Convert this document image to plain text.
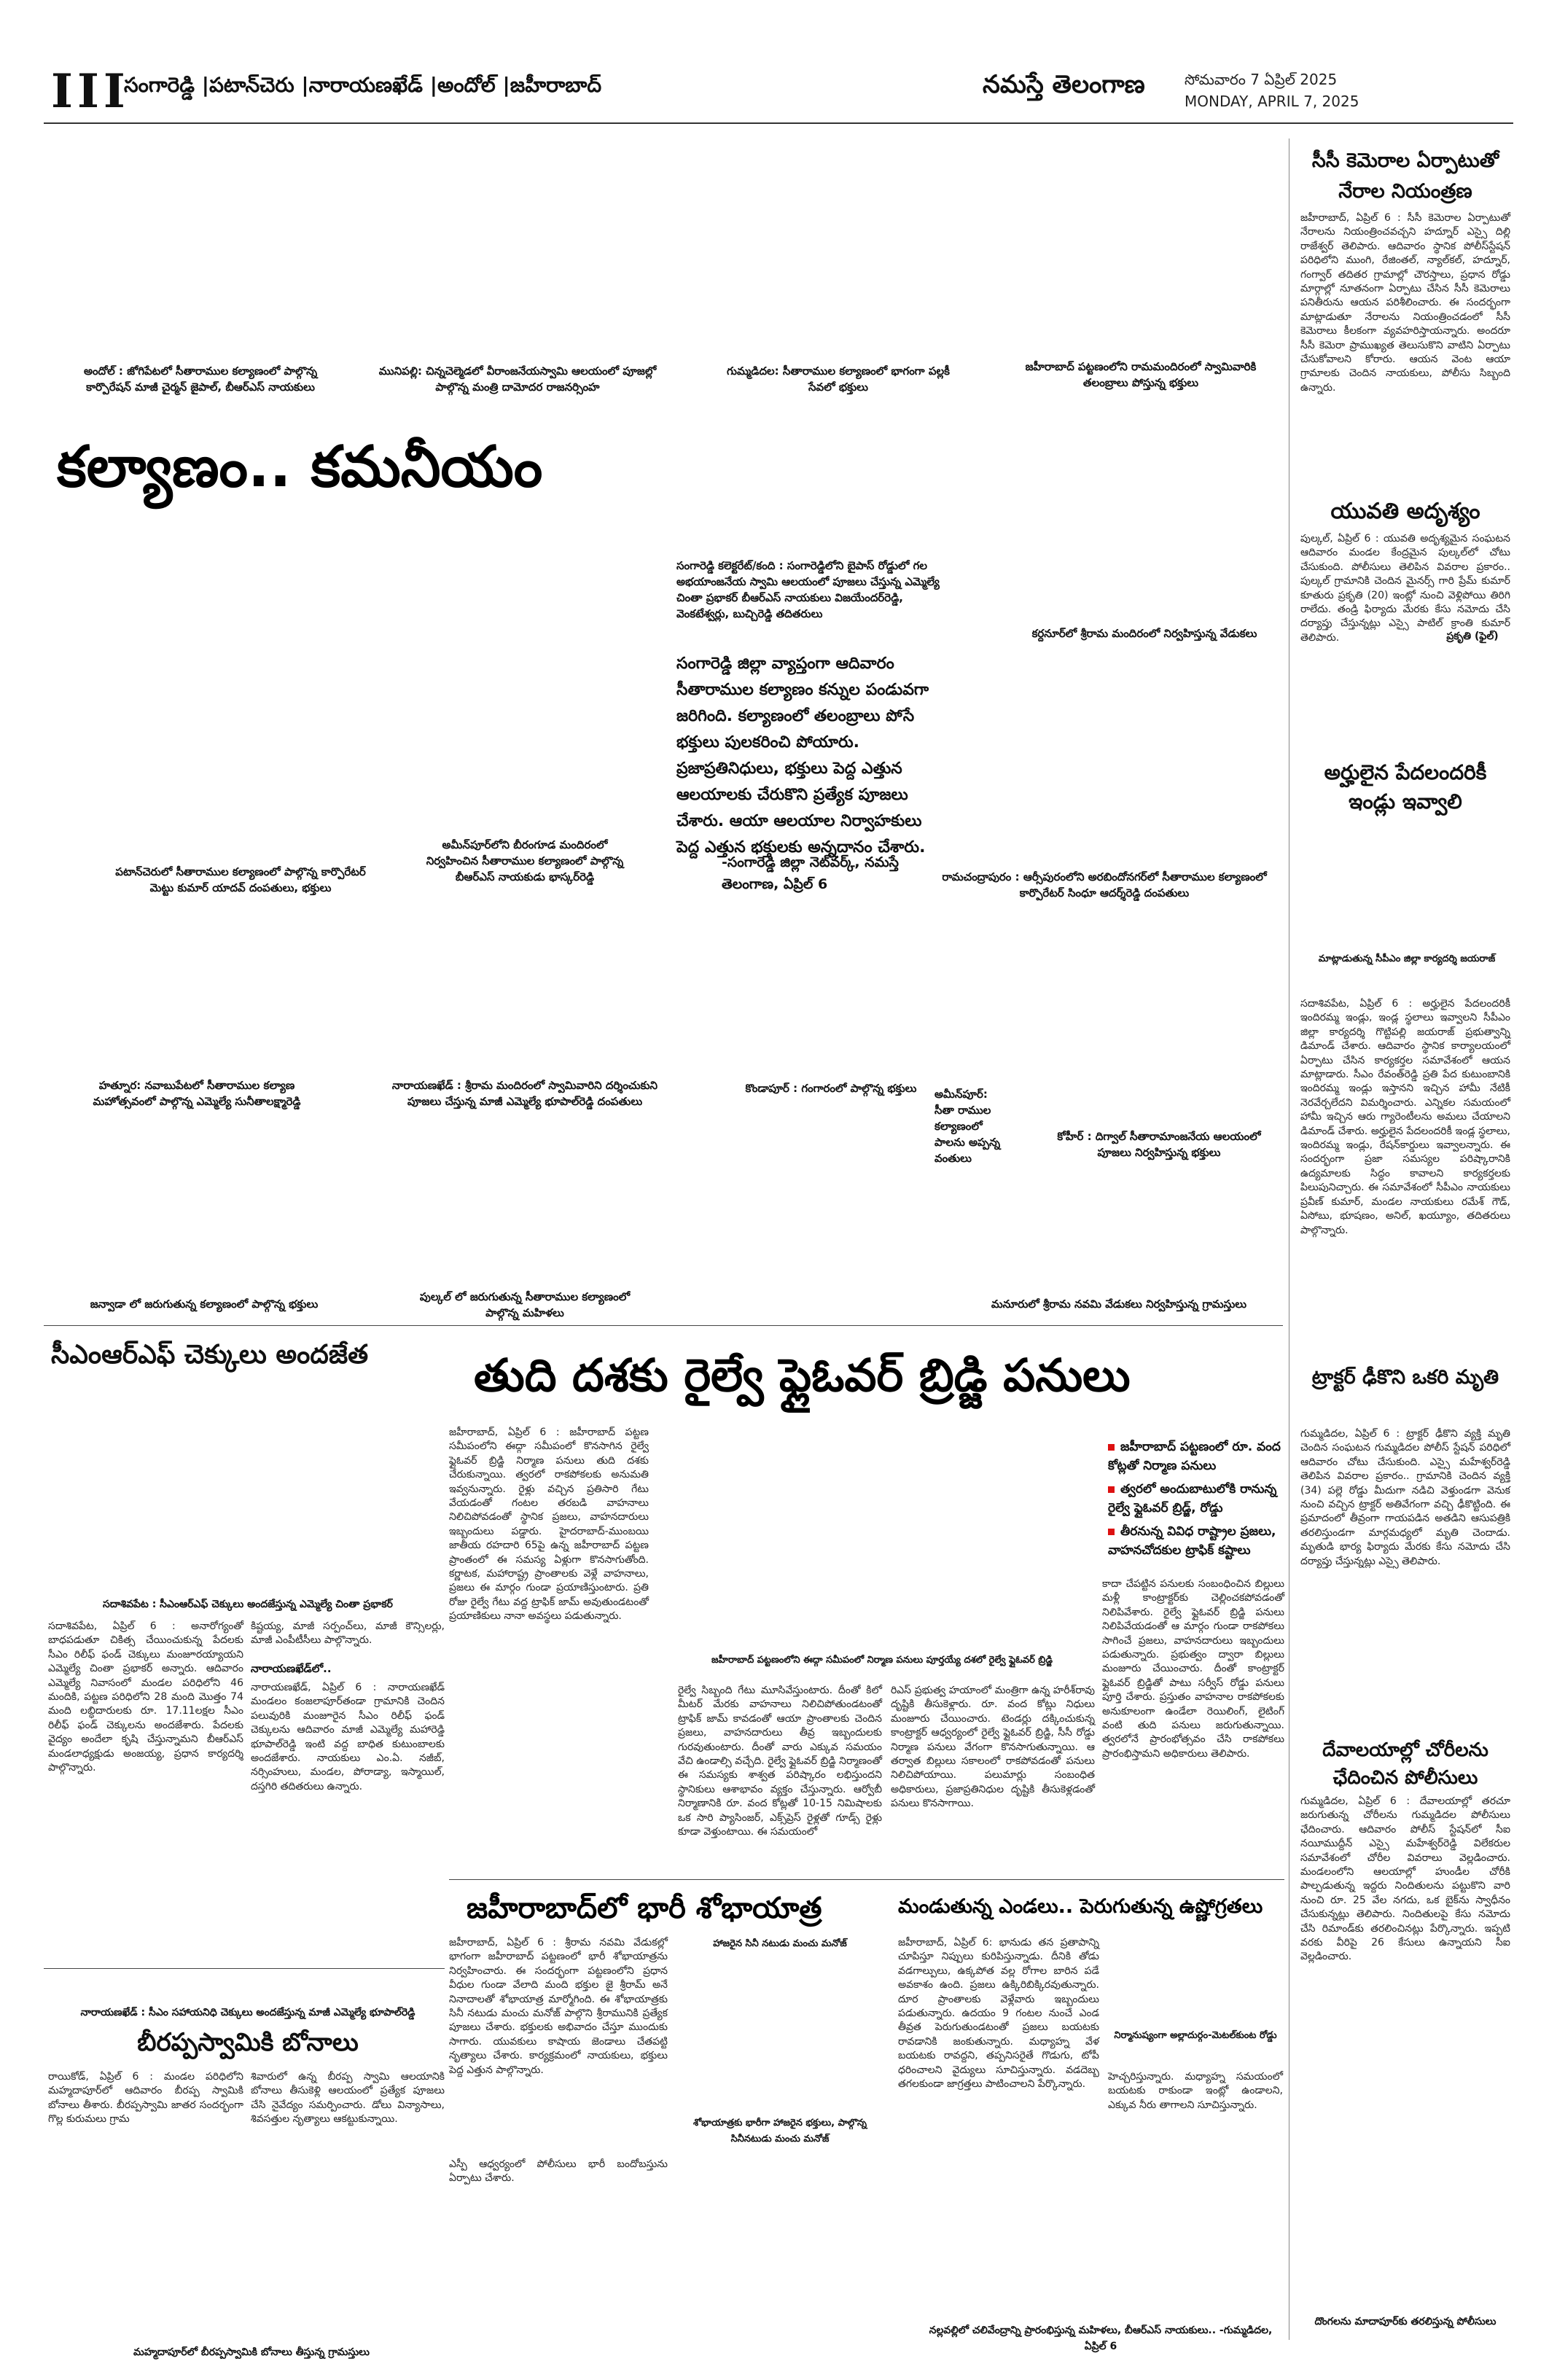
III
సంగారెడ్డి |పటాన్‌చెరు |నారాయణఖేడ్ |అందోల్ |జహీరాబాద్	నమస్తే తెలంగాణ	సోమవారం 7 ఏప్రిల్ 2025
MONDAY, APRIL 7, 2025
అందోల్ : జోగిపేటలో సీతారాముల కల్యాణంలో పాల్గొన్న కార్పొరేషన్ మాజీ చైర్మన్ జైపాల్, బీఆర్ఎస్ నాయకులు
మునిపల్లి: చిన్నచెల్మెడలో వీరాంజనేయస్వామి ఆలయంలో పూజల్లో పాల్గొన్న మంత్రి దామోదర రాజనర్సింహ
గుమ్మడిదల: సీతారాముల కల్యాణంలో భాగంగా పల్లకీ సేవలో భక్తులు
జహీరాబాద్ పట్టణంలోని రామమందిరంలో స్వామివారికి తలంబ్రాలు పోస్తున్న భక్తులు
కల్యాణం.. కమనీయం
సంగారెడ్డి కలెక్టరేట్/కంది : సంగారెడ్డిలోని బైపాస్ రోడ్డులో గల అభయాంజనేయ స్వామి ఆలయంలో పూజలు చేస్తున్న ఎమ్మెల్యే చింతా ప్రభాకర్ బీఆర్ఎస్ నాయకులు విజయేందర్‌రెడ్డి, వెంకటేశ్వర్లు, బుచ్చిరెడ్డి తదితరులు
కర్దనూర్‌లో శ్రీరామ మందిరంలో నిర్వహిస్తున్న వేడుకలు
సంగారెడ్డి జిల్లా వ్యాప్తంగా ఆదివారం సీతారాముల కల్యాణం కన్నుల పండువగా జరిగింది. కల్యాణంలో తలంబ్రాలు పోసే భక్తులు పులకరించి పోయారు. ప్రజాప్రతినిధులు, భక్తులు పెద్ద ఎత్తున ఆలయాలకు చేరుకొని ప్రత్యేక పూజలు చేశారు. ఆయా ఆలయాల నిర్వాహకులు పెద్ద ఎత్తున భక్తులకు అన్నదానం చేశారు.
-సంగారెడ్డి జిల్లా నెట్‌వర్క్, నమస్తే తెలంగాణ, ఏప్రిల్ 6
పటాన్‌చెరులో సీతారాముల కల్యాణంలో పాల్గొన్న కార్పొరేటర్ మెట్టు కుమార్ యాదవ్ దంపతులు, భక్తులు
అమీన్‌పూర్‌లోని బీరంగూడ మందిరంలో నిర్వహించిన సీతారాముల కల్యాణంలో పాల్గొన్న బీఆర్ఎస్ నాయకుడు భాస్కర్‌రెడ్డి	రామచంద్రాపురం : ఆర్సీపురంలోని అరబిందోనగర్‌లో సీతారాముల కల్యాణంలో కార్పొరేటర్ సింధూ ఆదర్శ్‌రెడ్డి దంపతులు
హత్నూర: నవాబుపేటలో సీతారాముల కల్యాణ మహోత్సవంలో పాల్గొన్న ఎమ్మెల్యే సునీతాలక్ష్మారెడ్డి
నారాయణఖేడ్ : శ్రీరామ మందిరంలో స్వామివారిని దర్శించుకుని పూజలు చేస్తున్న మాజీ ఎమ్మెల్యే భూపాల్‌రెడ్డి దంపతులు
కొండాపూర్ : గంగారంలో పాల్గొన్న భక్తులు	అమీన్‌పూర్: సీతా రాముల కల్యాణంలో పాలను అప్పన్న వంతులు
కోహీర్ : దిగ్వాల్ సీతారామాంజనేయ ఆలయంలో పూజలు నిర్వహిస్తున్న భక్తులు
జన్వాడా లో జరుగుతున్న కల్యాణంలో పాల్గొన్న భక్తులు
పుల్కల్ లో జరుగుతున్న సీతారాముల కల్యాణంలో పాల్గొన్న మహిళలు
మనూరులో శ్రీరామ నవమి వేడుకలు నిర్వహిస్తున్న గ్రామస్తులు
సీసీ కెమెరాల ఏర్పాటుతో నేరాల నియంత్రణ
జహీరాబాద్, ఏప్రిల్ 6 : సీసీ కెమెరాల ఏర్పాటుతో నేరాలను నియంత్రించవచ్చని హద్నూర్ ఎస్సై దిల్లి రాజేశ్వర్ తెలిపారు. ఆదివారం స్థానిక పోలీస్‌స్టేషన్ పరిధిలోని ముంగి, రేజింతల్, న్యాల్‌కల్, హద్నూర్, గంగ్వార్ తదితర గ్రామాల్లో చౌరస్తాలు, ప్రధాన రోడ్డు మార్గాల్లో నూతనంగా ఏర్పాటు చేసిన సీసీ కెమెరాలు పనితీరును ఆయన పరిశీలించారు. ఈ సందర్భంగా మాట్లాడుతూ నేరాలను నియంత్రించడంలో సీసీ కెమెరాలు కీలకంగా వ్యవహరిస్తాయన్నారు. అందరూ సీసీ కెమెరా ప్రాముఖ్యత తెలుసుకొని వాటిని ఏర్పాటు చేసుకోవాలని కోరారు. ఆయన వెంట ఆయా గ్రామాలకు చెందిన నాయకులు, పోలీసు సిబ్బంది ఉన్నారు.
యువతి అదృశ్యం
పుల్కల్, ఏప్రిల్ 6 : యువతి అదృశ్యమైన సంఘటన ఆదివారం మండల కేంద్రమైన పుల్కల్‌లో చోటు చేసుకుంది. పోలీసులు తెలిపిన వివరాల ప్రకారం.. పుల్కల్ గ్రామానికి చెందిన మైనర్స్ గారి ప్రేమ్ కుమార్ కూతురు ప్రకృతి (20) ఇంట్లో నుంచి వెళ్లిపోయి తిరిగి రాలేదు. తండ్రి ఫిర్యాదు మేరకు కేసు నమోదు చేసి దర్యాప్తు చేస్తున్నట్లు ఎస్సై పాటిల్ క్రాంతి కుమార్ తెలిపారు.	ప్రకృతి (ఫైల్)
అర్హులైన పేదలందరికీ ఇండ్లు ఇవ్వాలి
మాట్లాడుతున్న సీపీఎం జిల్లా కార్యదర్శి జయరాజ్
సదాశివపేట, ఏప్రిల్ 6 : అర్హులైన పేదలందరికీ ఇందిరమ్మ ఇండ్లు, ఇండ్ల స్థలాలు ఇవ్వాలని సీపీఎం జిల్లా కార్యదర్శి గొట్టిపల్లి జయరాజ్ ప్రభుత్వాన్ని డిమాండ్ చేశారు. ఆదివారం స్థానిక కార్యాలయంలో ఏర్పాటు చేసిన కార్యకర్తల సమావేశంలో ఆయన మాట్లాడారు. సీఎం రేవంత్‌రెడ్డి ప్రతి పేద కుటుంబానికి ఇందిరమ్మ ఇండ్లు ఇస్తానని ఇచ్చిన హామీ నేటికీ నెరవేర్చలేదని విమర్శించారు. ఎన్నికల సమయంలో హామీ ఇచ్చిన ఆరు గ్యారెంటీలను అమలు చేయాలని డిమాండ్ చేశారు. అర్హులైన పేదలందరికీ ఇండ్ల స్థలాలు, ఇందిరమ్మ ఇండ్లు, రేషన్‌కార్డులు ఇవ్వాలన్నారు. ఈ సందర్భంగా ప్రజా సమస్యల పరిష్కారానికి ఉద్యమాలకు సిద్ధం కావాలని కార్యకర్తలకు పిలుపునిచ్చారు. ఈ సమావేశంలో సీపీఎం నాయకులు ప్రవీణ్ కుమార్, మండల నాయకులు రమేశ్ గౌడ్, ఏసోబు, భూషణం, అనిల్, ఖయ్యూం, తదితరులు పాల్గొన్నారు.
ట్రాక్టర్ ఢీకొని ఒకరి మృతి
గుమ్మడిదల, ఏప్రిల్ 6 : ట్రాక్టర్ ఢీకొని వ్యక్తి మృతి చెందిన సంఘటన గుమ్మడిదల పోలీస్ స్టేషన్ పరిధిలో ఆదివారం చోటు చేసుకుంది. ఎస్సై మహేశ్వర్‌రెడ్డి తెలిపిన వివరాల ప్రకారం.. గ్రామానికి చెందిన వ్యక్తి (34) పల్లె రోడ్డు మీదుగా నడిచి వెళ్తుండగా వెనుక నుంచి వచ్చిన ట్రాక్టర్ అతివేగంగా వచ్చి ఢీకొట్టింది. ఈ ప్రమాదంలో తీవ్రంగా గాయపడిన అతడిని ఆసుపత్రికి తరలిస్తుండగా మార్గమధ్యలో మృతి చెందాడు. మృతుడి భార్య ఫిర్యాదు మేరకు కేసు నమోదు చేసి దర్యాప్తు చేస్తున్నట్లు ఎస్సై తెలిపారు.
దేవాలయాల్లో చోరీలను ఛేదించిన పోలీసులు
గుమ్మడిదల, ఏప్రిల్ 6 : దేవాలయాల్లో తరచూ జరుగుతున్న చోరీలను గుమ్మడిదల పోలీసులు ఛేదించారు. ఆదివారం పోలీస్ స్టేషన్‌లో సీఐ నయీముద్దీన్ ఎస్సై మహేశ్వర్‌రెడ్డి విలేకరుల సమావేశంలో చోరీల వివరాలు వెల్లడించారు. మండలంలోని ఆలయాల్లో హుండీల చోరీకి పాల్పడుతున్న ఇద్దరు నిందితులను పట్టుకొని వారి నుంచి రూ. 25 వేల నగదు, ఒక బైక్‌ను స్వాధీనం చేసుకున్నట్లు తెలిపారు. నిందితులపై కేసు నమోదు చేసి రిమాండ్‌కు తరలించినట్లు పేర్కొన్నారు. ఇప్పటి వరకు వీరిపై 26 కేసులు ఉన్నాయని సీఐ వెల్లడించారు.
దొంగలను మాదాపూర్‌కు తరలిస్తున్న పోలీసులు
సీఎంఆర్ఎఫ్ చెక్కులు అందజేత
సదాశివపేట : సీఎంఆర్ఎఫ్ చెక్కులు అందజేస్తున్న ఎమ్మెల్యే చింతా ప్రభాకర్
సదాశివపేట, ఏప్రిల్ 6 : అనారోగ్యంతో బాధపడుతూ చికిత్స చేయించుకున్న పేదలకు సీఎం రిలీఫ్ ఫండ్ చెక్కులు మంజూరయ్యాయని ఎమ్మెల్యే చింతా ప్రభాకర్ అన్నారు. ఆదివారం ఎమ్మెల్యే నివాసంలో మండల పరిధిలోని 46 మందికి, పట్టణ పరిధిలోని 28 మంది మొత్తం 74 మంది లబ్ధిదారులకు రూ. 17.11లక్షల సీఎం రిలీఫ్ ఫండ్ చెక్కులను అందజేశారు. పేదలకు వైద్యం అందేలా కృషి చేస్తున్నామని బీఆర్ఎస్ మండలాధ్యక్షుడు అంజయ్య, ప్రధాన కార్యదర్శి పాల్గొన్నారు.
కిష్టయ్య, మాజీ సర్పంచ్‌లు, మాజీ కౌన్సిలర్లు, మాజీ ఎంపీటీసీలు పాల్గొన్నారు.
నారాయణఖేడ్‌లో..
నారాయణఖేడ్, ఏప్రిల్ 6 : నారాయణఖేడ్ మండలం కంజలాపూర్‌తండా గ్రామానికి చెందిన పలువురికి మంజూరైన సీఎం రిలీఫ్ ఫండ్ చెక్కులను ఆదివారం మాజీ ఎమ్మెల్యే మహారెడ్డి భూపాల్‌రెడ్డి ఇంటి వద్ద బాధిత కుటుంబాలకు అందజేశారు. నాయకులు ఎం.ఏ. నజీబ్, నర్సింహులు, మండల, పోరాడ్యా, ఇస్మాయిల్, దస్తగిరి తదితరులు ఉన్నారు.
తుది దశకు రైల్వే ఫ్లైఓవర్ బ్రిడ్జి పనులు
జహీరాబాద్, ఏప్రిల్ 6 : జహీరాబాద్ పట్టణ సమీపంలోని ఈద్గా సమీపంలో కొనసాగిన రైల్వే ఫ్లైఓవర్ బ్రిడ్జి నిర్మాణ పనులు తుది దశకు చేరుకున్నాయి. త్వరలో రాకపోకలకు అనుమతి ఇవ్వనున్నారు. రైళ్లు వచ్చిన ప్రతిసారి గేటు వేయడంతో గంటల తరబడి వాహనాలు నిలిచిపోవడంతో స్థానిక ప్రజలు, వాహనదారులు ఇబ్బందులు పడ్డారు. హైదరాబాద్-ముంబయి జాతీయ రహదారి 65పై ఉన్న జహీరాబాద్ పట్టణ ప్రాంతంలో ఈ సమస్య ఏళ్లుగా కొనసాగుతోంది. కర్ణాటక, మహారాష్ట్ర ప్రాంతాలకు వెళ్లే వాహనాలు, ప్రజలు ఈ మార్గం గుండా ప్రయాణిస్తుంటారు. ప్రతి రోజు రైల్వే గేటు వద్ద ట్రాఫిక్ జామ్ అవుతుండటంతో ప్రయాణికులు నానా అవస్థలు పడుతున్నారు.
జహీరాబాద్ పట్టణంలో రూ. వంద కోట్లతో నిర్మాణ పనులు
త్వరలో అందుబాటులోకి రానున్న రైల్వే ఫ్లైఓవర్ బ్రిడ్జ్, రోడ్డు
తీరనున్న వివిధ రాష్ట్రాల ప్రజలు, వాహనచోదకుల ట్రాఫిక్ కష్టాలు
జహీరాబాద్ పట్టణంలోని ఈద్గా సమీపంలో నిర్మాణ పనులు పూర్తయ్యే దశలో రైల్వే ఫ్లైఓవర్ బ్రిడ్జి
రైల్వే సిబ్బంది గేటు మూసివేస్తుంటారు. దీంతో కిలో మీటర్ మేరకు వాహనాలు నిలిచిపోతుండటంతో ట్రాఫిక్ జామ్ కావడంతో ఆయా ప్రాంతాలకు చెందిన ప్రజలు, వాహనదారులు తీవ్ర ఇబ్బందులకు గురవుతుంటారు. దీంతో వారు ఎక్కువ సమయం వేచి ఉండాల్సి వచ్చేది. రైల్వే ఫ్లైఓవర్ బ్రిడ్జి నిర్మాణంతో ఈ సమస్యకు శాశ్వత పరిష్కారం లభిస్తుందని స్థానికులు ఆశాభావం వ్యక్తం చేస్తున్నారు. ఆర్వోబీ నిర్మాణానికి రూ. వంద కోట్లతో 10-15 నిమిషాలకు ఒక సారి ప్యాసింజర్, ఎక్స్‌ప్రెస్ రైళ్లతో గూడ్స్ రైళ్లు కూడా వెళ్తుంటాయి. ఈ సమయంలో
రిఎస్ ప్రభుత్వ హయాంలో మంత్రిగా ఉన్న హరీశ్‌రావు దృష్టికి తీసుకెళ్లారు. రూ. వంద కోట్లు నిధులు మంజూరు చేయించారు. టెండర్లు దక్కించుకున్న కాంట్రాక్టర్ ఆధ్వర్యంలో రైల్వే ఫ్లైఓవర్ బ్రిడ్జి, సీసీ రోడ్డు నిర్మాణ పనులు వేగంగా కొనసాగుతున్నాయి. ఆ తర్వాత బిల్లులు సకాలంలో రాకపోవడంతో పనులు నిలిచిపోయాయి. పలుమార్లు సంబంధిత అధికారులు, ప్రజాప్రతినిధుల దృష్టికి తీసుకెళ్లడంతో పనులు కొనసాగాయి.
కాదా చేపట్టిన పనులకు సంబంధించిన బిల్లులు మళ్లీ కాంట్రాక్టర్‌కు చెల్లించకపోవడంతో నిలిపివేశారు. రైల్వే ఫ్లైఓవర్ బ్రిడ్జి పనులు నిలిపివేయడంతో ఆ మార్గం గుండా రాకపోకలు సాగించే ప్రజలు, వాహనదారులు ఇబ్బందులు పడుతున్నారు. ప్రభుత్వం ద్వారా బిల్లులు మంజూరు చేయించారు. దీంతో కాంట్రాక్టర్ ఫ్లైఓవర్ బ్రిడ్జితో పాటు సర్వీస్ రోడ్డు పనులు పూర్తి చేశారు. ప్రస్తుతం వాహనాల రాకపోకలకు అనుకూలంగా ఉండేలా రెయిలింగ్, లైటింగ్ వంటి తుది పనులు జరుగుతున్నాయి. త్వరలోనే ప్రారంభోత్సవం చేసి రాకపోకలు ప్రారంభిస్తామని అధికారులు తెలిపారు.
నారాయణఖేడ్ : సీఎం సహాయనిధి చెక్కులు అందజేస్తున్న మాజీ ఎమ్మెల్యే భూపాల్‌రెడ్డి
బీరప్పస్వామికి బోనాలు
రాయికోడ్, ఏప్రిల్ 6 : మండల పరిధిలోని మహ్మదాపూర్‌లో ఆదివారం బీరప్ప స్వామికి బోనాలు తీశారు. బీరప్పస్వామి జాతర సందర్భంగా గొల్ల కురుమలు గ్రామ
శివారులో ఉన్న బీరప్ప స్వామి ఆలయానికి బోనాలు తీసుకెళ్లి ఆలయంలో ప్రత్యేక పూజలు చేసి నైవేద్యం సమర్పించారు. డోలు విన్యాసాలు, శివసత్తుల నృత్యాలు ఆకట్టుకున్నాయి.
మహ్మదాపూర్‌లో బీరప్పస్వామికి బోనాలు తీస్తున్న గ్రామస్తులు
జహీరాబాద్‌లో భారీ శోభాయాత్ర
హాజరైన సినీ నటుడు మంచు మనోజ్
జహీరాబాద్, ఏప్రిల్ 6 : శ్రీరామ నవమి వేడుకల్లో భాగంగా జహీరాబాద్ పట్టణంలో భారీ శోభాయాత్రను నిర్వహించారు. ఈ సందర్భంగా పట్టణంలోని ప్రధాన వీధుల గుండా వేలాది మంది భక్తుల జై శ్రీరామ్ అనే నినాదాలతో శోభాయాత్ర మార్మోగింది. ఈ శోభాయాత్రకు సినీ నటుడు మంచు మనోజ్ పాల్గొని శ్రీరామునికి ప్రత్యేక పూజలు చేశారు. భక్తులకు అభివాదం చేస్తూ ముందుకు సాగారు. యువకులు కాషాయ జెండాలు చేతపట్టి నృత్యాలు చేశారు. కార్యక్రమంలో నాయకులు, భక్తులు పెద్ద ఎత్తున పాల్గొన్నారు.
ఎస్పీ ఆధ్వర్యంలో పోలీసులు భారీ బందోబస్తును ఏర్పాటు చేశారు.
శోభాయాత్రకు భారీగా హాజరైన భక్తులు, పాల్గొన్న సినీనటుడు మంచు మనోజ్
మండుతున్న ఎండలు.. పెరుగుతున్న ఉష్ణోగ్రతలు
జహీరాబాద్, ఏప్రిల్ 6: భానుడు తన ప్రతాపాన్ని చూపిస్తూ నిప్పులు కురిపిస్తున్నాడు. దీనికి తోడు వడగాల్పులు, ఉక్కపోత వల్ల రోగాల బారిన పడే అవకాశం ఉంది. ప్రజలు ఉక్కిరిబిక్కిరవుతున్నారు. దూర ప్రాంతాలకు వెళ్లేవారు ఇబ్బందులు పడుతున్నారు. ఉదయం 9 గంటల నుంచే ఎండ తీవ్రత పెరుగుతుండటంతో ప్రజలు బయటకు రావడానికి జంకుతున్నారు. మధ్యాహ్న వేళ బయటకు రావద్దని, తప్పనిసరైతే గొడుగు, టోపీ ధరించాలని వైద్యులు సూచిస్తున్నారు. వడదెబ్బ తగలకుండా జాగ్రత్తలు పాటించాలని పేర్కొన్నారు.
నిర్మానుష్యంగా అల్లాదుర్గం-మెటల్‌కుంట రోడ్డు
హెచ్చరిస్తున్నారు. మధ్యాహ్న సమయంలో బయటకు రాకుండా ఇంట్లో ఉండాలని, ఎక్కువ నీరు తాగాలని సూచిస్తున్నారు.
నల్లవల్లిలో చలివేంద్రాన్ని ప్రారంభిస్తున్న మహిళలు, బీఆర్ఎస్ నాయకులు.. -గుమ్మడిదల, ఏప్రిల్ 6
